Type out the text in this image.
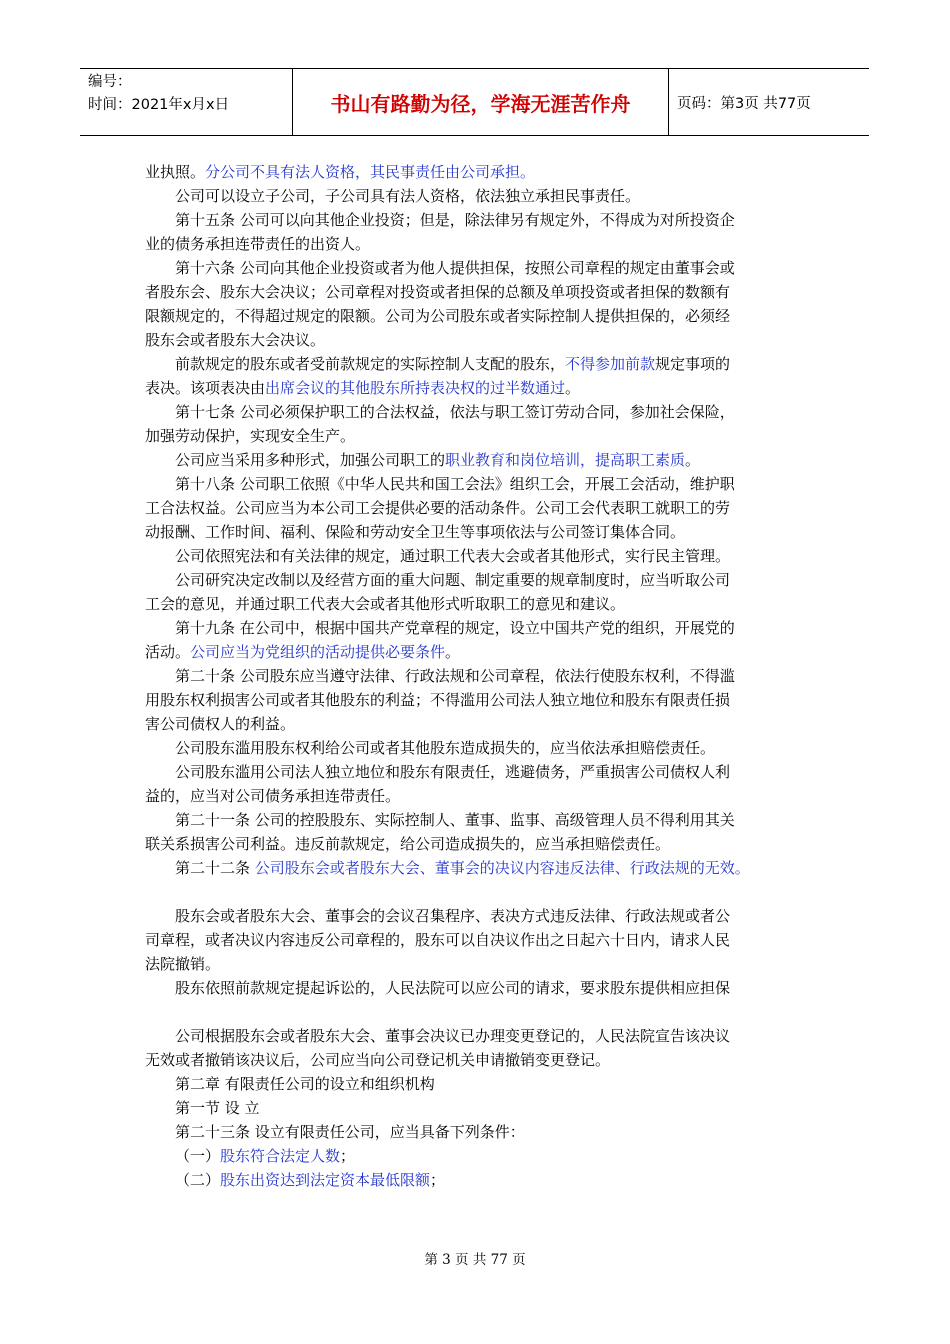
编号：
时间：2021年x月x日	书山有路勤为径，学海无涯苦作舟	页码：第3页 共77页

业执照。分公司不具有法人资格，其民事责任由公司承担。

公司可以设立子公司，子公司具有法人资格，依法独立承担民事责任。

第十五条 公司可以向其他企业投资；但是，除法律另有规定外，不得成为对所投资企

业的债务承担连带责任的出资人。

第十六条 公司向其他企业投资或者为他人提供担保，按照公司章程的规定由董事会或

者股东会、股东大会决议；公司章程对投资或者担保的总额及单项投资或者担保的数额有

限额规定的，不得超过规定的限额。公司为公司股东或者实际控制人提供担保的，必须经

股东会或者股东大会决议。

前款规定的股东或者受前款规定的实际控制人支配的股东，不得参加前款规定事项的

表决。该项表决由出席会议的其他股东所持表决权的过半数通过。

第十七条 公司必须保护职工的合法权益，依法与职工签订劳动合同，参加社会保险，

加强劳动保护，实现安全生产。

公司应当采用多种形式，加强公司职工的职业教育和岗位培训，提高职工素质。

第十八条 公司职工依照《中华人民共和国工会法》组织工会，开展工会活动，维护职

工合法权益。公司应当为本公司工会提供必要的活动条件。公司工会代表职工就职工的劳

动报酬、工作时间、福利、保险和劳动安全卫生等事项依法与公司签订集体合同。

公司依照宪法和有关法律的规定，通过职工代表大会或者其他形式，实行民主管理。

公司研究决定改制以及经营方面的重大问题、制定重要的规章制度时，应当听取公司

工会的意见，并通过职工代表大会或者其他形式听取职工的意见和建议。

第十九条 在公司中，根据中国共产党章程的规定，设立中国共产党的组织，开展党的

活动。公司应当为党组织的活动提供必要条件。

第二十条 公司股东应当遵守法律、行政法规和公司章程，依法行使股东权利，不得滥

用股东权利损害公司或者其他股东的利益；不得滥用公司法人独立地位和股东有限责任损

害公司债权人的利益。

公司股东滥用股东权利给公司或者其他股东造成损失的，应当依法承担赔偿责任。

公司股东滥用公司法人独立地位和股东有限责任，逃避债务，严重损害公司债权人利

益的，应当对公司债务承担连带责任。

第二十一条 公司的控股股东、实际控制人、董事、监事、高级管理人员不得利用其关

联关系损害公司利益。违反前款规定，给公司造成损失的，应当承担赔偿责任。

第二十二条 公司股东会或者股东大会、董事会的决议内容违反法律、行政法规的无效。

股东会或者股东大会、董事会的会议召集程序、表决方式违反法律、行政法规或者公

司章程，或者决议内容违反公司章程的，股东可以自决议作出之日起六十日内，请求人民

法院撤销。

股东依照前款规定提起诉讼的，人民法院可以应公司的请求，要求股东提供相应担保

公司根据股东会或者股东大会、董事会决议已办理变更登记的，人民法院宣告该决议

无效或者撤销该决议后，公司应当向公司登记机关申请撤销变更登记。

第二章 有限责任公司的设立和组织机构

第一节 设 立

第二十三条 设立有限责任公司，应当具备下列条件：

（一）股东符合法定人数；

（二）股东出资达到法定资本最低限额；

第 3 页 共 77 页
